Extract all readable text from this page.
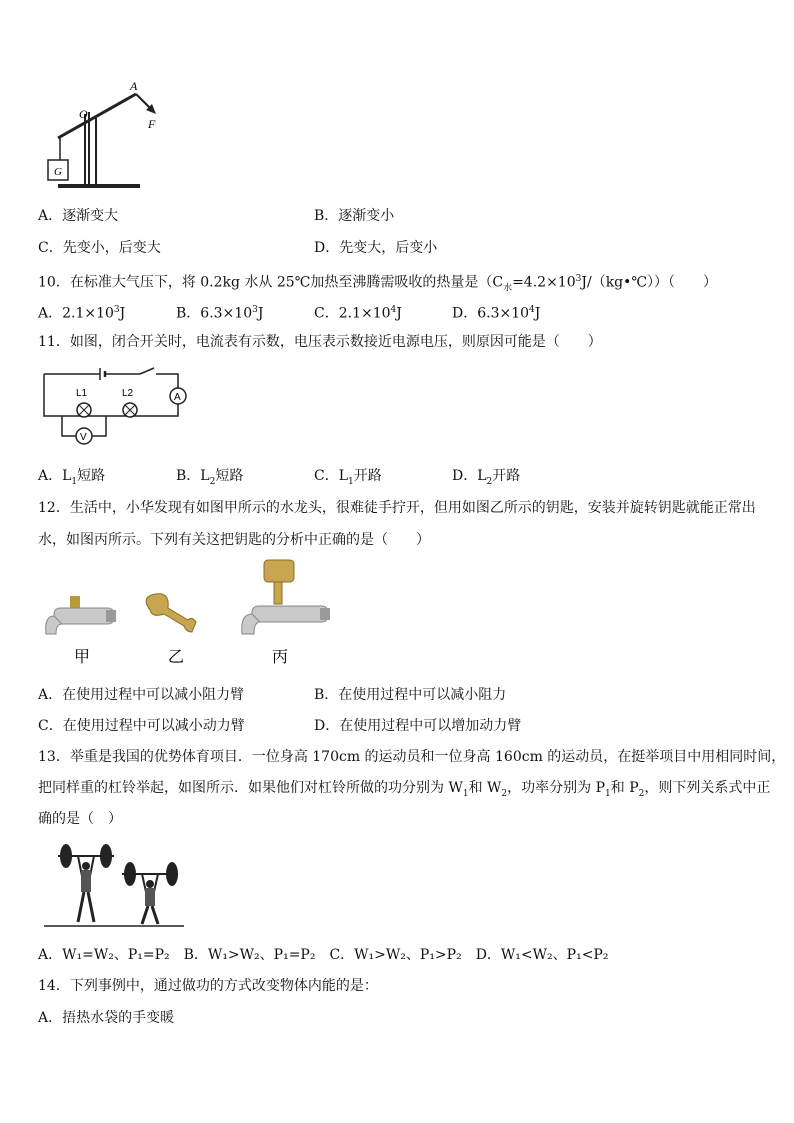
G
O
A
F
A．逐渐变大	B．逐渐变小
C．先变小，后变大	D．先变大，后变小
10．在标准大气压下，将 0.2kg 水从 25℃加热至沸腾需吸收的热量是$(C_水=4.2\times 10^3J/(kg•℃))$（　　）
A．$2.1\times 10^3J$	B．$6.3\times 10^3J$	C．$2.1\times 10^4J$	D．$6.3\times 10^4J$
11．如图，闭合开关时，电流表有示数，电压表示数接近电源电压，则原因可能是（　　）
A
L1	L2
V
A．$L_1$短路	B．$L_2$短路	C．$L_1$开路	D．$L_2$开路
12．生活中，小华发现有如图甲所示的水龙头，很难徒手拧开，但用如图乙所示的钥匙，安装并旋转钥匙就能正常出
水，如图丙所示。下列有关这把钥匙的分析中正确的是（　　）
甲	乙	丙
A．在使用过程中可以减小阻力臂	B．在使用过程中可以减小阻力
C．在使用过程中可以减小动力臂	D．在使用过程中可以增加动力臂
13．举重是我国的优势体育项目．一位身高 170cm 的运动员和一位身高 160cm 的运动员，在挺举项目中用相同时间，
把同样重的杠铃举起，如图所示．如果他们对杠铃所做的功分别为 $W_1$和 $W_2$，功率分别为 $P_1$和 $P_2$，则下列关系式中正
确的是（　）
A．W₁=W₂、P₁=P₂　B．W₁>W₂、P₁=P₂　C．W₁>W₂、P₁>P₂　D．W₁<W₂、P₁<P₂
14．下列事例中，通过做功的方式改变物体内能的是：
A．捂热水袋的手变暖
